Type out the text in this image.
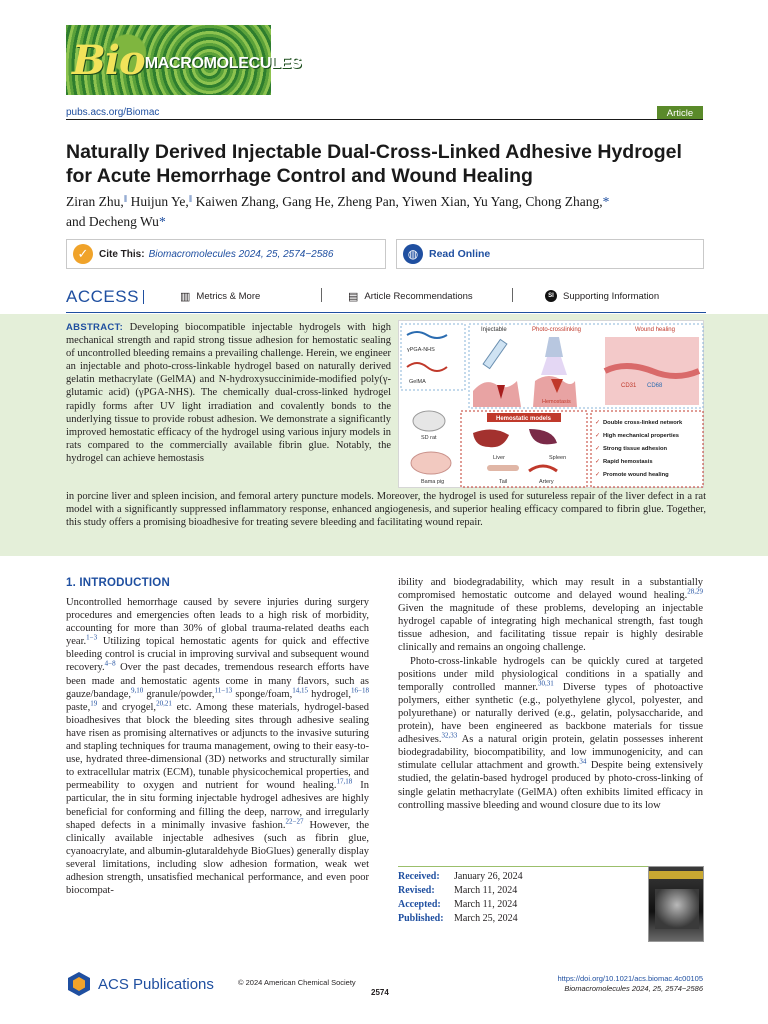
Bio MACROMOLECULES
pubs.acs.org/Biomac	Article
Naturally Derived Injectable Dual-Cross-Linked Adhesive Hydrogel for Acute Hemorrhage Control and Wound Healing
Ziran Zhu,∥ Huijun Ye,∥ Kaiwen Zhang, Gang He, Zheng Pan, Yiwen Xian, Yu Yang, Chong Zhang,*
and Decheng Wu*
✓	Cite This: Biomacromolecules 2024, 25, 2574−2586	◍	Read Online
ACCESS	▥ Metrics & More	▤ Article Recommendations	SI Supporting Information
ABSTRACT: Developing biocompatible injectable hydrogels with high mechanical strength and rapid strong tissue adhesion for hemostatic sealing of uncontrolled bleeding remains a prevailing challenge. Herein, we engineer an injectable and photo-cross-linkable hydrogel based on naturally derived gelatin methacrylate (GelMA) and N-hydroxysuccinimide-modified poly(γ-glutamic acid) (γPGA-NHS). The chemically dual-cross-linked hydrogel rapidly forms after UV light irradiation and covalently bonds to the underlying tissue to provide robust adhesion. We demonstrate a significantly improved hemostatic efficacy of the hydrogel using various injury models in rats compared to the commercially available fibrin glue. Notably, the hydrogel can achieve hemostasis
in porcine liver and spleen incision, and femoral artery puncture models. Moreover, the hydrogel is used for sutureless repair of the liver defect in a rat model with a significantly suppressed inflammatory response, enhanced angiogenesis, and superior healing efficacy compared to fibrin glue. Together, this study offers a promising bioadhesive for treating severe bleeding and facilitating wound repair.
γPGA-NHS
GelMA
Injectable	Photo-crosslinking	Wound healing
Hemostasis
CD31 CD68
SD rat
Bama pig
Hemostatic models
Liver	Spleen
Tail	Artery
✓ Double cross-linked network
✓ High mechanical properties
✓ Strong tissue adhesion
✓ Rapid hemostasis
✓ Promote wound healing
1. INTRODUCTION

Uncontrolled hemorrhage caused by severe injuries during surgery procedures and emergencies often leads to a high risk of morbidity, accounting for more than 30% of global trauma-related deaths each year.$^{1-3}$ Utilizing topical hemostatic agents for quick and effective bleeding control is crucial in improving survival and subsequent wound recovery.$^{4-8}$ Over the past decades, tremendous research efforts have been made and hemostatic agents come in many flavors, such as gauze/bandage,$^{9,10}$ granule/powder,$^{11-13}$ sponge/foam,$^{14,15}$ hydrogel,$^{16-18}$ paste,$^{19}$ and cryogel,$^{20,21}$ etc. Among these materials, hydrogel-based bioadhesives that block the bleeding sites through adhesive sealing have risen as promising alternatives or adjuncts to the invasive suturing and stapling techniques for trauma management, owing to their easy-to-use, hydrated three-dimensional (3D) networks and structurally similar to extracellular matrix (ECM), tunable physicochemical properties, and permeability to oxygen and nutrient for wound healing.$^{17,18}$ In particular, the in situ forming injectable hydrogel adhesives are highly beneficial for conforming and filling the deep, narrow, and irregularly shaped defects in a minimally invasive fashion.$^{22-27}$ However, the clinically available injectable adhesives (such as fibrin glue, cyanoacrylate, and albumin-glutaraldehyde BioGlues) generally display several limitations, including slow adhesion formation, weak wet adhesion strength, unsatisfied mechanical performance, and even poor biocompat-

ibility and biodegradability, which may result in a substantially compromised hemostatic outcome and delayed wound healing.$^{28,29}$ Given the magnitude of these problems, developing an injectable hydrogel capable of integrating high mechanical strength, fast tough tissue adhesion, and facilitating tissue repair is highly desirable clinically and remains an ongoing challenge.

Photo-cross-linkable hydrogels can be quickly cured at targeted positions under mild physiological conditions in a spatially and temporally controlled manner.$^{30,31}$ Diverse types of photoactive polymers, either synthetic (e.g., polyethylene glycol, polyester, and polyurethane) or naturally derived (e.g., gelatin, polysaccharide, and protein), have been engineered as backbone materials for tissue adhesives.$^{32,33}$ As a natural origin protein, gelatin possesses inherent biodegradability, biocompatibility, and low immunogenicity, and can stimulate cellular attachment and growth.$^{34}$ Despite being extensively studied, the gelatin-based hydrogel produced by photo-cross-linking of single gelatin methacrylate (GelMA) often exhibits limited efficacy in controlling massive bleeding and wound closure due to its low

Received:	January 26, 2024
Revised:	March 11, 2024
Accepted:	March 11, 2024
Published:	March 25, 2024
ACS Publications	© 2024 American Chemical Society
2574
https://doi.org/10.1021/acs.biomac.4c00105
Biomacromolecules 2024, 25, 2574−2586
